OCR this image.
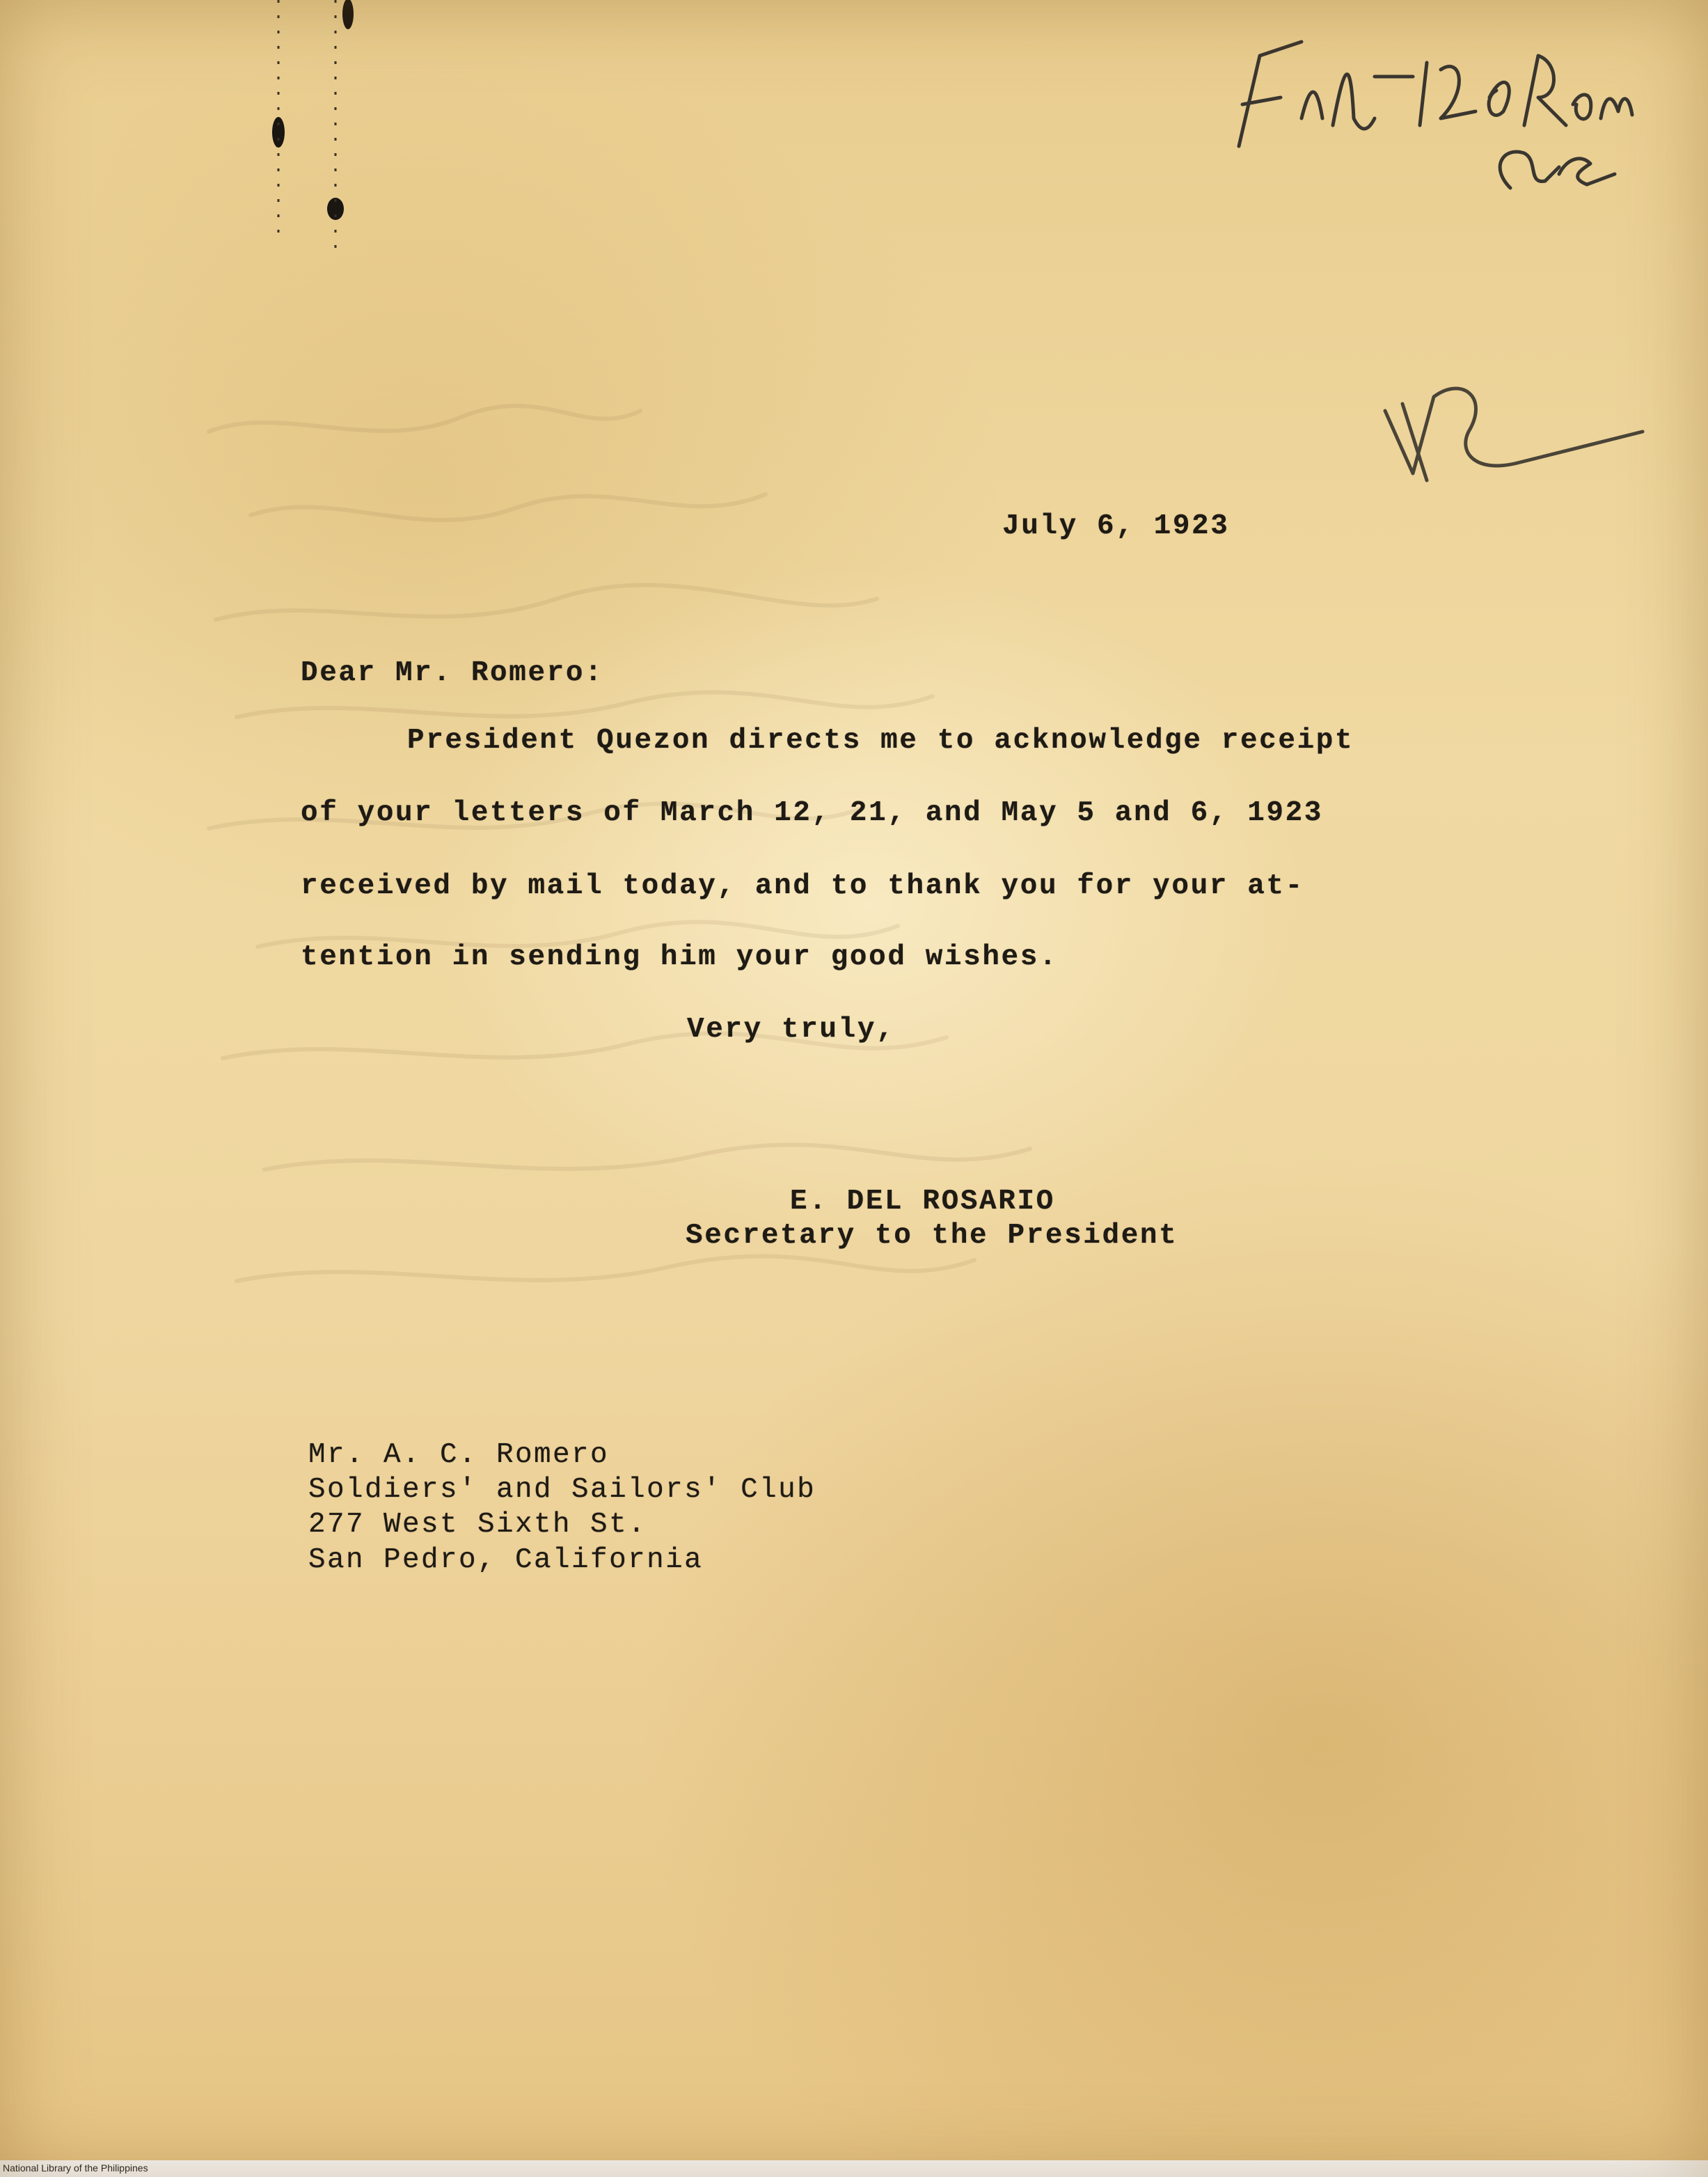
July 6, 1923
Dear Mr. Romero:
President Quezon directs me to acknowledge receipt
of your letters of March 12, 21, and May 5 and 6, 1923
received by mail today, and to thank you for your at-
tention in sending him your good wishes.
Very truly,
E. DEL ROSARIO
Secretary to the President
Mr. A. C. Romero
Soldiers' and Sailors' Club
277 West Sixth St.
San Pedro, California
National Library of the Philippines
